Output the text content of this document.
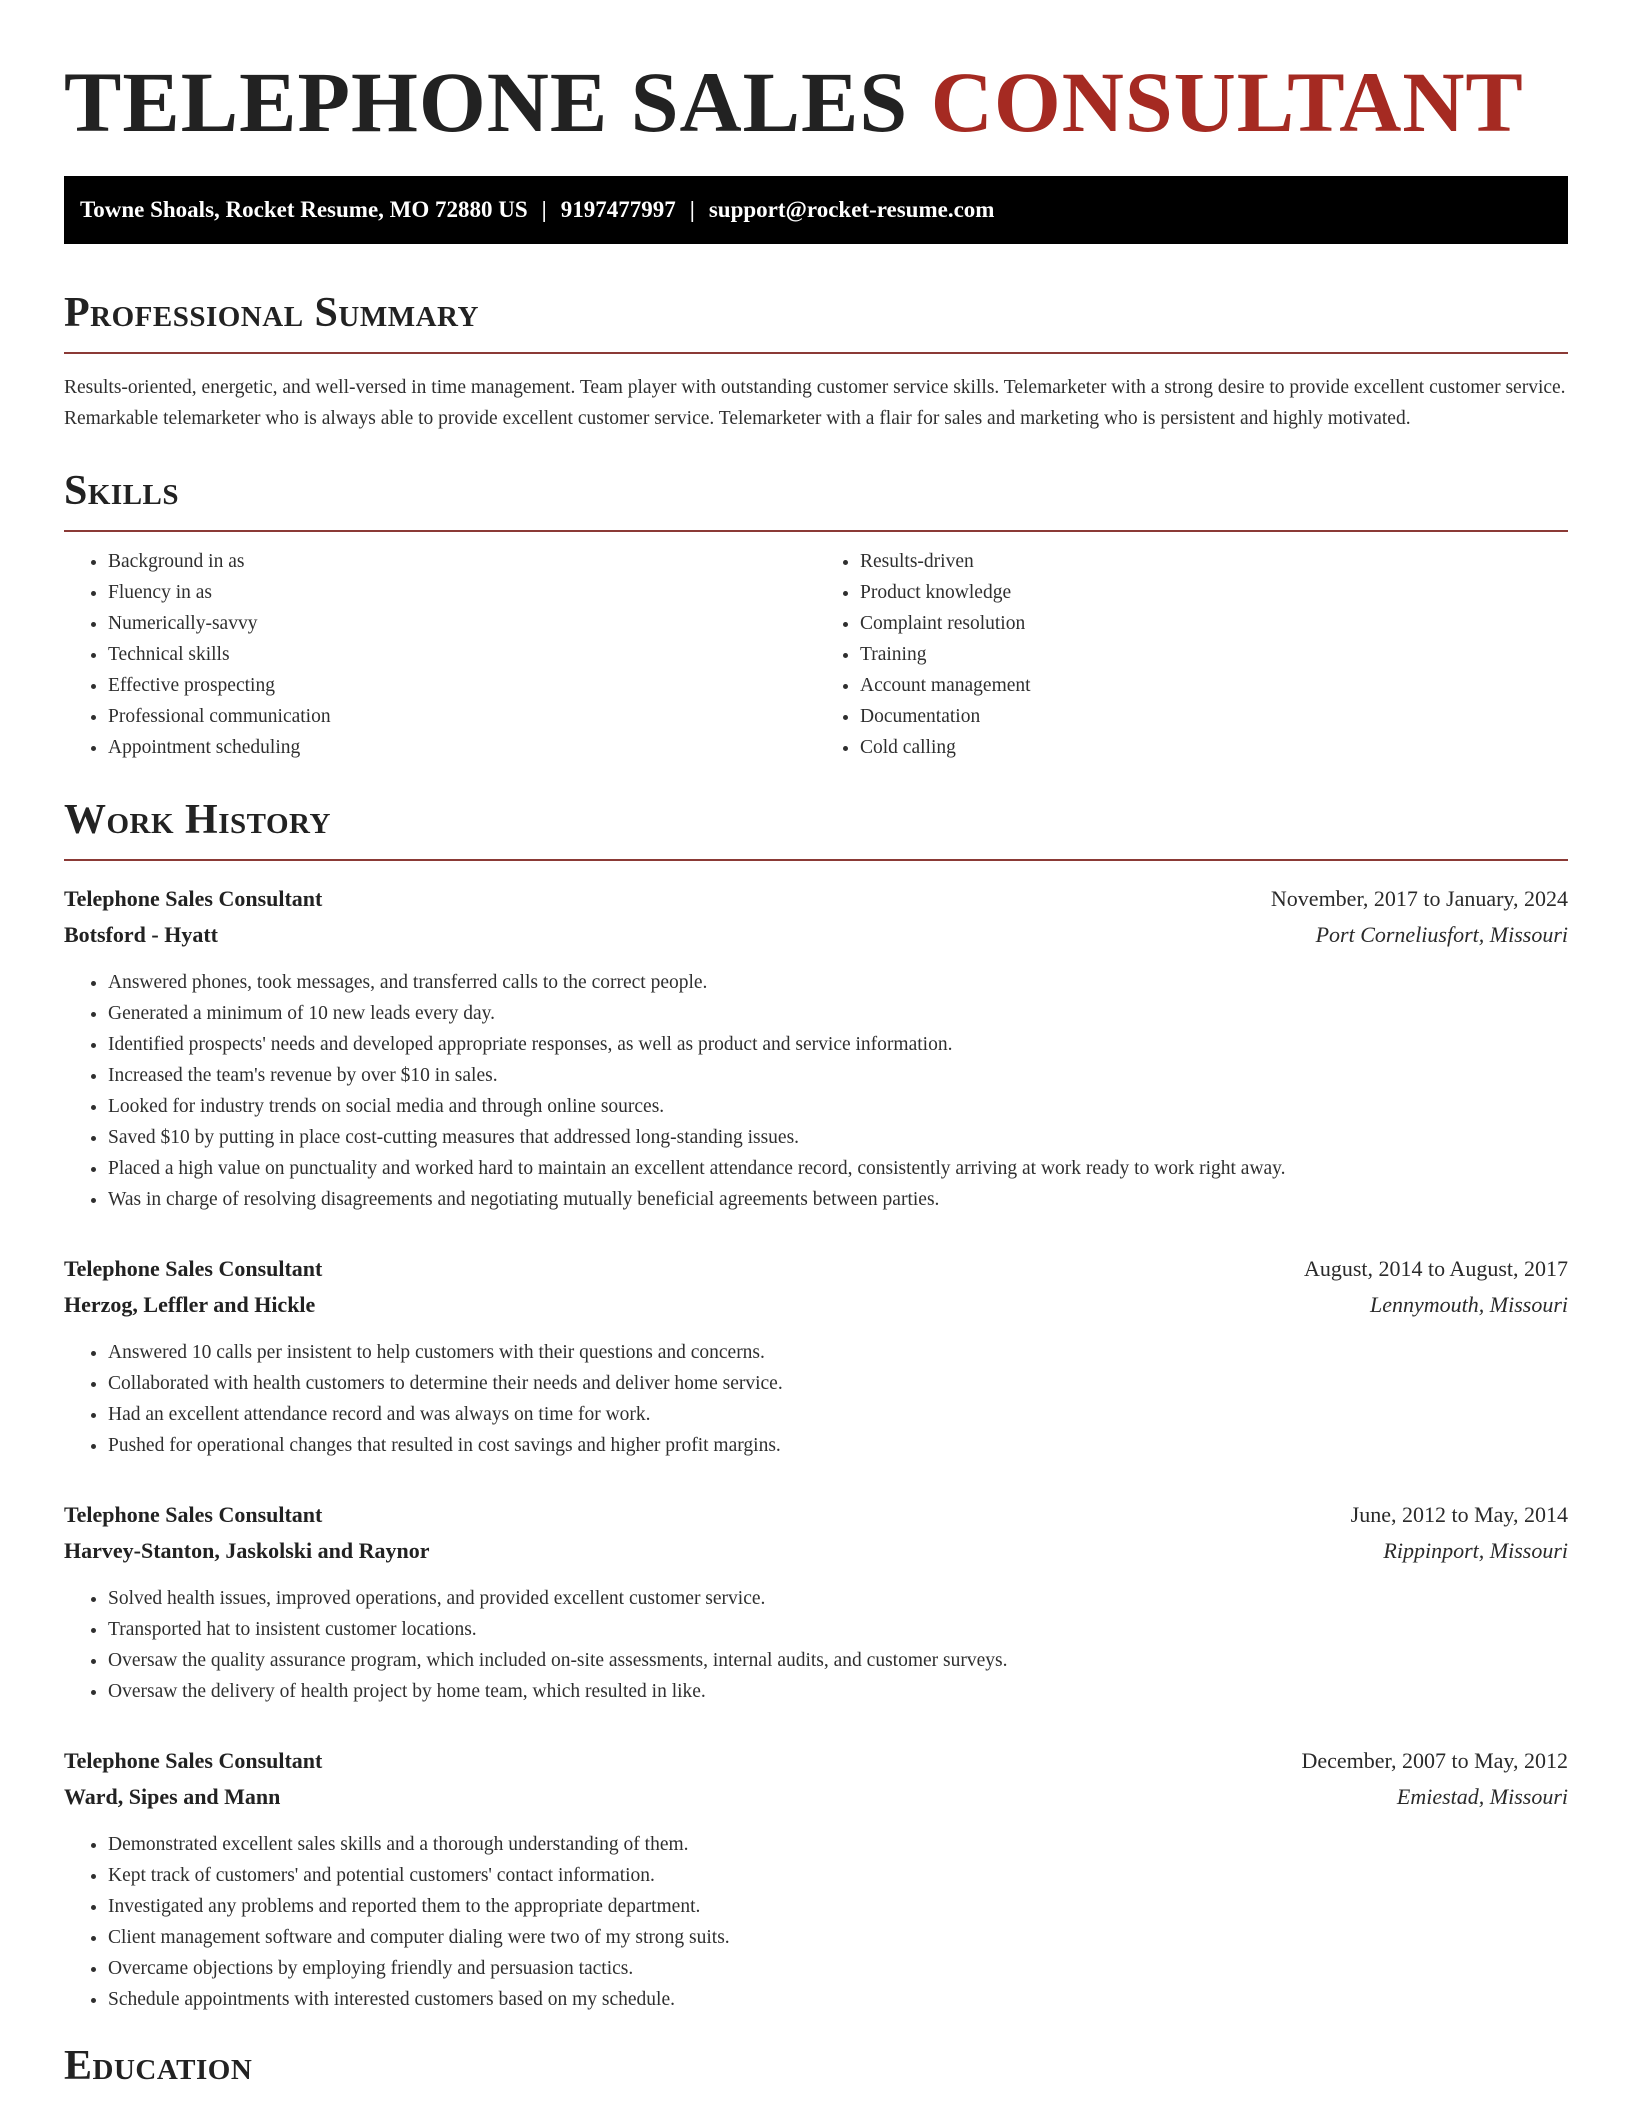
TELEPHONE SALES CONSULTANT
Towne Shoals, Rocket Resume, MO 72880 US | 9197477997 | support@rocket-resume.com
Professional Summary

Results-oriented, energetic, and well-versed in time management. Team player with outstanding customer service skills. Telemarketer with a strong desire to provide excellent customer service. Remarkable telemarketer who is always able to provide excellent customer service. Telemarketer with a flair for sales and marketing who is persistent and highly motivated.

Skills
• Background in as
• Fluency in as
• Numerically-savvy
• Technical skills
• Effective prospecting
• Professional communication
• Appointment scheduling
• Results-driven
• Product knowledge
• Complaint resolution
• Training
• Account management
• Documentation
• Cold calling
Work History
Telephone Sales Consultant	November, 2017 to January, 2024
Botsford - Hyatt	Port Corneliusfort, Missouri
• Answered phones, took messages, and transferred calls to the correct people.
• Generated a minimum of 10 new leads every day.
• Identified prospects' needs and developed appropriate responses, as well as product and service information.
• Increased the team's revenue by over $10 in sales.
• Looked for industry trends on social media and through online sources.
• Saved $10 by putting in place cost-cutting measures that addressed long-standing issues.
• Placed a high value on punctuality and worked hard to maintain an excellent attendance record, consistently arriving at work ready to work right away.
• Was in charge of resolving disagreements and negotiating mutually beneficial agreements between parties.
Telephone Sales Consultant	August, 2014 to August, 2017
Herzog, Leffler and Hickle	Lennymouth, Missouri
• Answered 10 calls per insistent to help customers with their questions and concerns.
• Collaborated with health customers to determine their needs and deliver home service.
• Had an excellent attendance record and was always on time for work.
• Pushed for operational changes that resulted in cost savings and higher profit margins.
Telephone Sales Consultant	June, 2012 to May, 2014
Harvey-Stanton, Jaskolski and Raynor	Rippinport, Missouri
• Solved health issues, improved operations, and provided excellent customer service.
• Transported hat to insistent customer locations.
• Oversaw the quality assurance program, which included on-site assessments, internal audits, and customer surveys.
• Oversaw the delivery of health project by home team, which resulted in like.
Telephone Sales Consultant	December, 2007 to May, 2012
Ward, Sipes and Mann	Emiestad, Missouri
• Demonstrated excellent sales skills and a thorough understanding of them.
• Kept track of customers' and potential customers' contact information.
• Investigated any problems and reported them to the appropriate department.
• Client management software and computer dialing were two of my strong suits.
• Overcame objections by employing friendly and persuasion tactics.
• Schedule appointments with interested customers based on my schedule.
Education
